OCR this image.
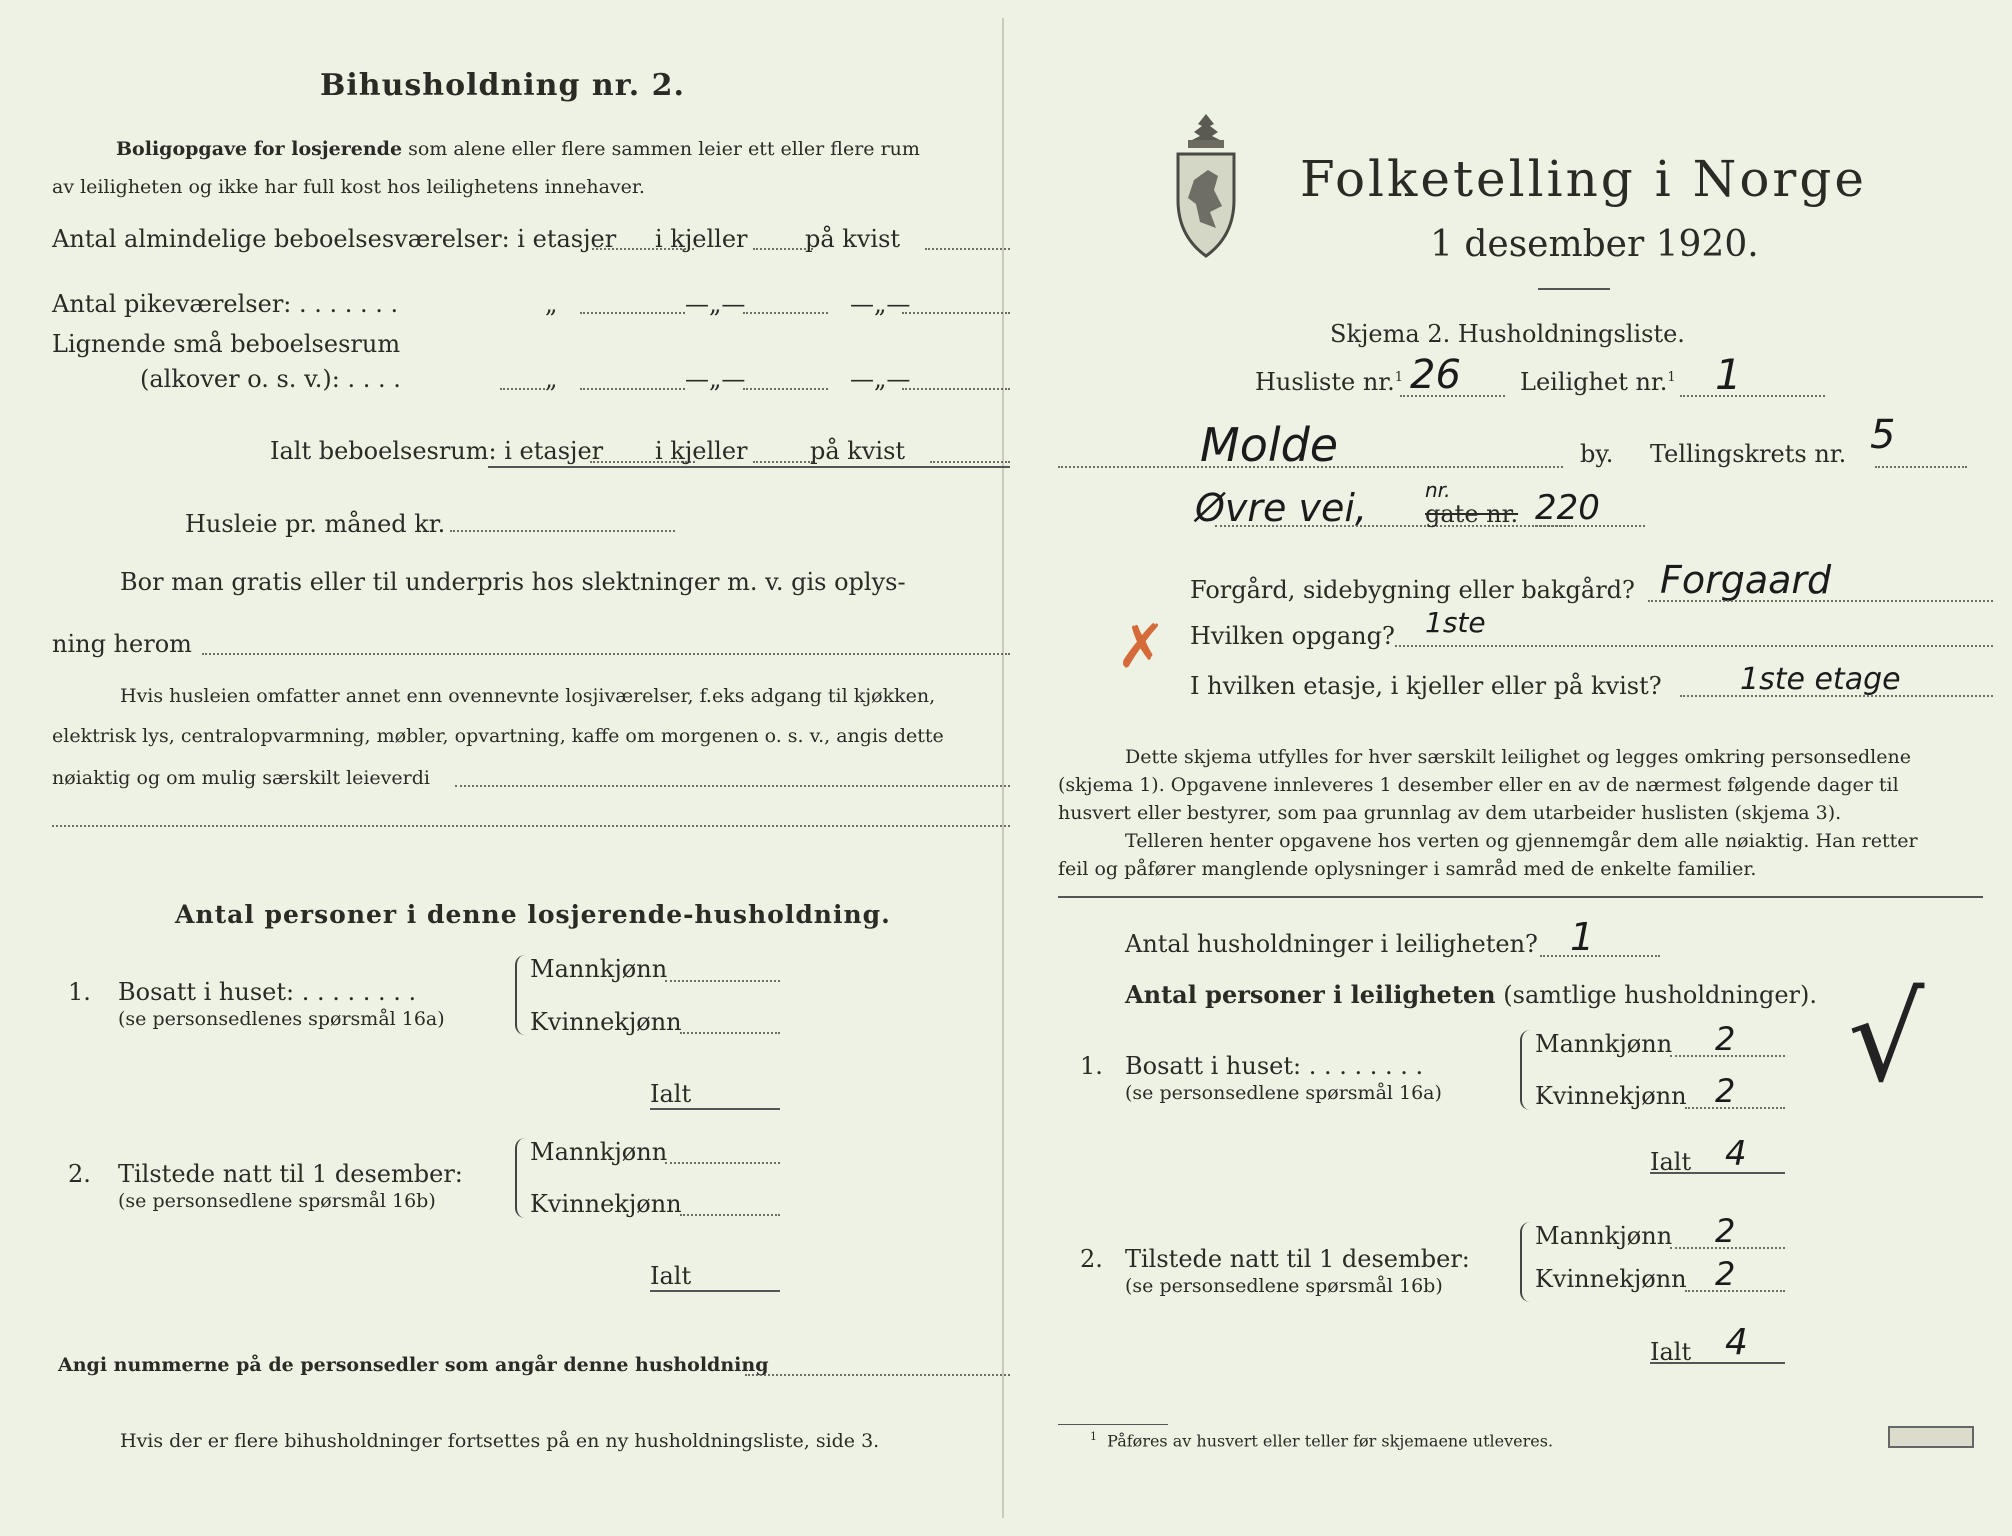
Bihusholdning nr. 2.
Boligopgave for losjerende som alene eller flere sammen leier ett eller flere rum
av leiligheten og ikke har full kost hos leilighetens innehaver.
Antal almindelige beboelsesværelser: i etasjer i kjeller på kvist
Antal pikeværelser: . . . . . . .	„	—„—	—„—
Lignende små beboelsesrum
(alkover o. s. v.): . . . .	„	—„—	—„—
Ialt beboelsesrum: i etasjer i kjeller	på kvist
Husleie pr. måned kr.
Bor man gratis eller til underpris hos slektninger m. v. gis oplys-
ning herom
Hvis husleien omfatter annet enn ovennevnte losjiværelser, f.eks adgang til kjøkken,
elektrisk lys, centralopvarmning, møbler, opvartning, kaffe om morgenen o. s. v., angis dette
nøiaktig og om mulig særskilt leieverdi
Antal personer i denne losjerende-husholdning.
1. Bosatt i huset: . . . . . . . .
(se personsedlenes spørsmål 16a)
Mannkjønn
Kvinnekjønn
Ialt
2. Tilstede natt til 1 desember:
(se personsedlene spørsmål 16b)
Mannkjønn
Kvinnekjønn
Ialt
Angi nummerne på de personsedler som angår denne husholdning
Hvis der er flere bihusholdninger fortsettes på en ny husholdningsliste, side 3.
Folketelling i Norge
1 desember 1920.
Skjema 2. Husholdningsliste.
Husliste nr.$^1$ 26 Leilighet nr.$^1$ 1
Molde	by. Tellingskrets nr. 5
Øvre vei,	nr.
gate nr. 220
Forgård, sidebygning eller bakgård? Forgaard
✗ Hvilken opgang? 1ste
I hvilken etasje, i kjeller eller på kvist?	1ste etage
Dette skjema utfylles for hver særskilt leilighet og legges omkring personsedlene
(skjema 1). Opgavene innleveres 1 desember eller en av de nærmest følgende dager til
husvert eller bestyrer, som paa grunnlag av dem utarbeider huslisten (skjema 3).
Telleren henter opgavene hos verten og gjennemgår dem alle nøiaktig. Han retter
feil og påfører manglende oplysninger i samråd med de enkelte familier.
Antal husholdninger i leiligheten? 1
Antal personer i leiligheten (samtlige husholdninger).
1. Bosatt i huset: . . . . . . . .
(se personsedlene spørsmål 16a)
Mannkjønn 2
Kvinnekjønn 2
Ialt 4
√
2. Tilstede natt til 1 desember:
(se personsedlene spørsmål 16b)
Mannkjønn 2
Kvinnekjønn 2
Ialt 4
$^1$ Påføres av husvert eller teller før skjemaene utleveres.
